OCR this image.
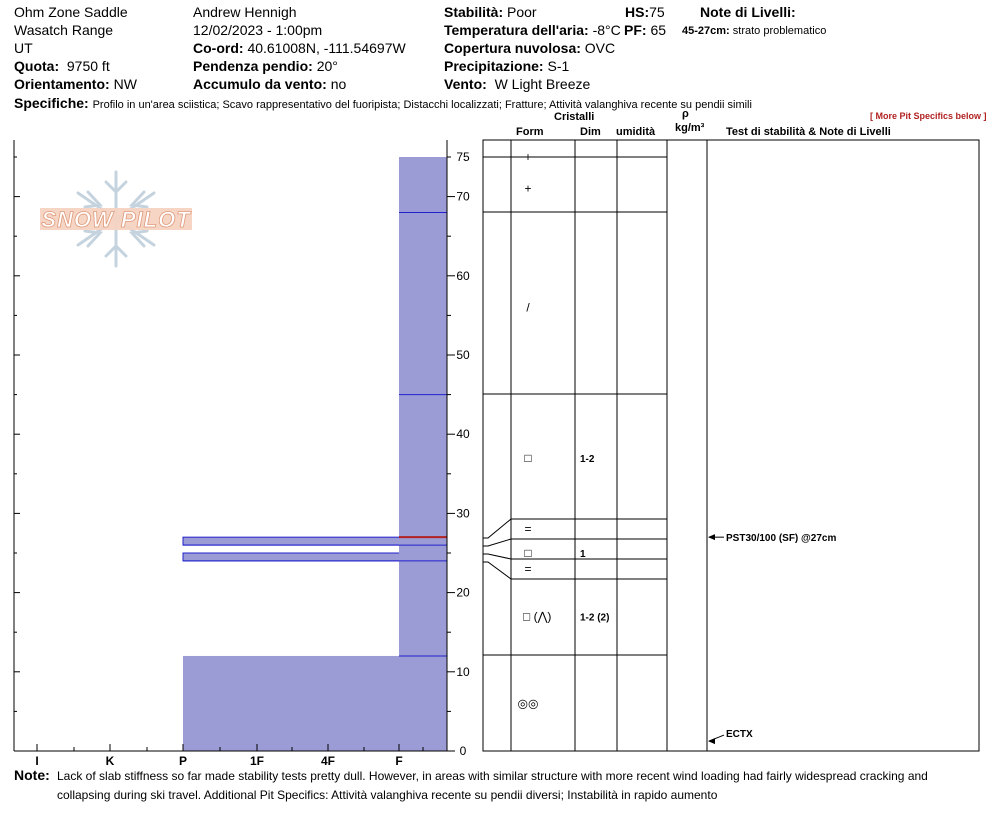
Ohm Zone Saddle
Wasatch Range
UT
Quota: 9750 ft
Orientamento: NW
Andrew Hennigh
12/02/2023 - 1:00pm
Co-ord: 40.61008N, -111.54697W
Pendenza pendio: 20°
Accumulo da vento: no
Stabilità: Poor
Temperatura dell'aria: -8°C
Copertura nuvolosa: OVC
Precipitazione: S-1
Vento: W Light Breeze
HS:75
PF: 65
Note di Livelli:
45-27cm: strato problematico
Specifiche: Profilo in un'area sciistica; Scavo rappresentativo del fuoripista; Distacchi localizzati; Fratture; Attività valanghiva recente su pendii simili
[ More Pit Specifics below ]
Cristalli
Form	Dim umidità
ρ
kg/m³ Test di stabilità & Note di Livelli
SNOW PILOT
0
10
20
30
40
50
60
70
75
I	K	P	1F	4F	F
+
+
/
□	1-2
=
□	1
=
□ (⋀)	1-2 (2)
◎◎
PST30/100 (SF) @27cm
ECTX
Note: Lack of slab stiffness so far made stability tests pretty dull. However, in areas with similar structure with more recent wind loading had fairly widespread cracking and
collapsing during ski travel. Additional Pit Specifics: Attività valanghiva recente su pendii diversi; Instabilità in rapido aumento
